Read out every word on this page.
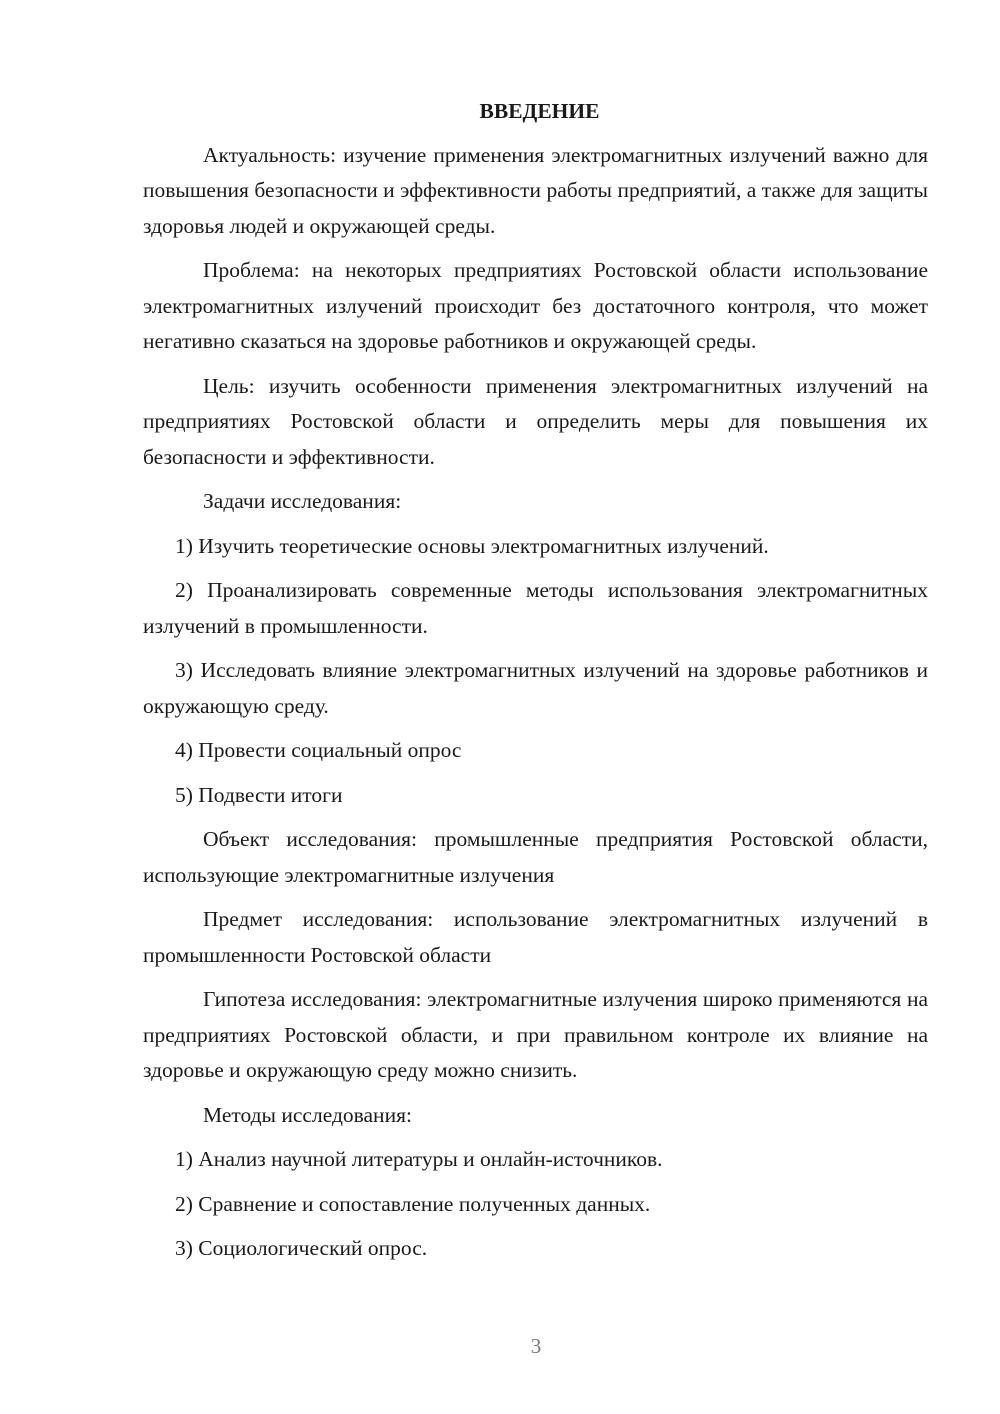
ВВЕДЕНИЕ

Актуальность: изучение применения электромагнитных излучений важно для повышения безопасности и эффективности работы предприятий, а также для защиты здоровья людей и окружающей среды.

Проблема: на некоторых предприятиях Ростовской области использование электромагнитных излучений происходит без достаточного контроля, что может негативно сказаться на здоровье работников и окружающей среды.

Цель: изучить особенности применения электромагнитных излучений на предприятиях Ростовской области и определить меры для повышения их безопасности и эффективности.

Задачи исследования:

1) Изучить теоретические основы электромагнитных излучений.

2) Проанализировать современные методы использования электромагнитных излучений в промышленности.

3) Исследовать влияние электромагнитных излучений на здоровье работников и окружающую среду.

4) Провести социальный опрос

5) Подвести итоги

Объект исследования: промышленные предприятия Ростовской области, использующие электромагнитные излучения

Предмет исследования: использование электромагнитных излучений в промышленности Ростовской области

Гипотеза исследования: электромагнитные излучения широко применяются на предприятиях Ростовской области, и при правильном контроле их влияние на здоровье и окружающую среду можно снизить.

Методы исследования:

1) Анализ научной литературы и онлайн-источников.

2) Сравнение и сопоставление полученных данных.

3) Социологический опрос.

3
